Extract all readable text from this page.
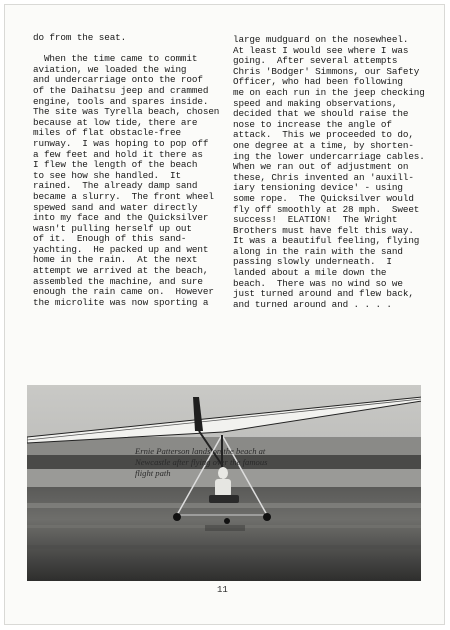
do from the seat.
When the time came to commit
aviation, we loaded the wing
and undercarriage onto the roof
of the Daihatsu jeep and crammed
engine, tools and spares inside.
The site was Tyrella beach, chosen
because at low tide, there are
miles of flat obstacle-free
runway.  I was hoping to pop off
a few feet and hold it there as
I flew the length of the beach
to see how she handled.  It
rained.  The already damp sand
became a slurry.  The front wheel
spewed sand and water directly
into my face and the Quicksilver
wasn't pulling herself up out
of it.  Enough of this sand-
yachting.  He packed up and went
home in the rain.  At the next
attempt we arrived at the beach,
assembled the machine, and sure
enough the rain came on.  However
the microlite was now sporting a
large mudguard on the nosewheel.
At least I would see where I was
going.  After several attempts
Chris 'Bodger' Simmons, our Safety
Officer, who had been following
me on each run in the jeep checking
speed and making observations,
decided that we should raise the
nose to increase the angle of
attack.  This we proceeded to do,
one degree at a time, by shorten-
ing the lower undercarriage cables.
When we ran out of adjustment on
these, Chris invented an 'auxill-
iary tensioning device' - using
some rope.  The Quicksilver would
fly off smoothly at 28 mph.  Sweet
success!  ELATION!  The Wright
Brothers must have felt this way.
It was a beautiful feeling, flying
along in the rain with the sand
passing slowly underneath.  I
landed about a mile down the
beach.  There was no wind so we
just turned around and flew back,
and turned around and . . . .
Ernie Patterson lands on the beach at
Newcastle after flying over the famous
flight path
11
